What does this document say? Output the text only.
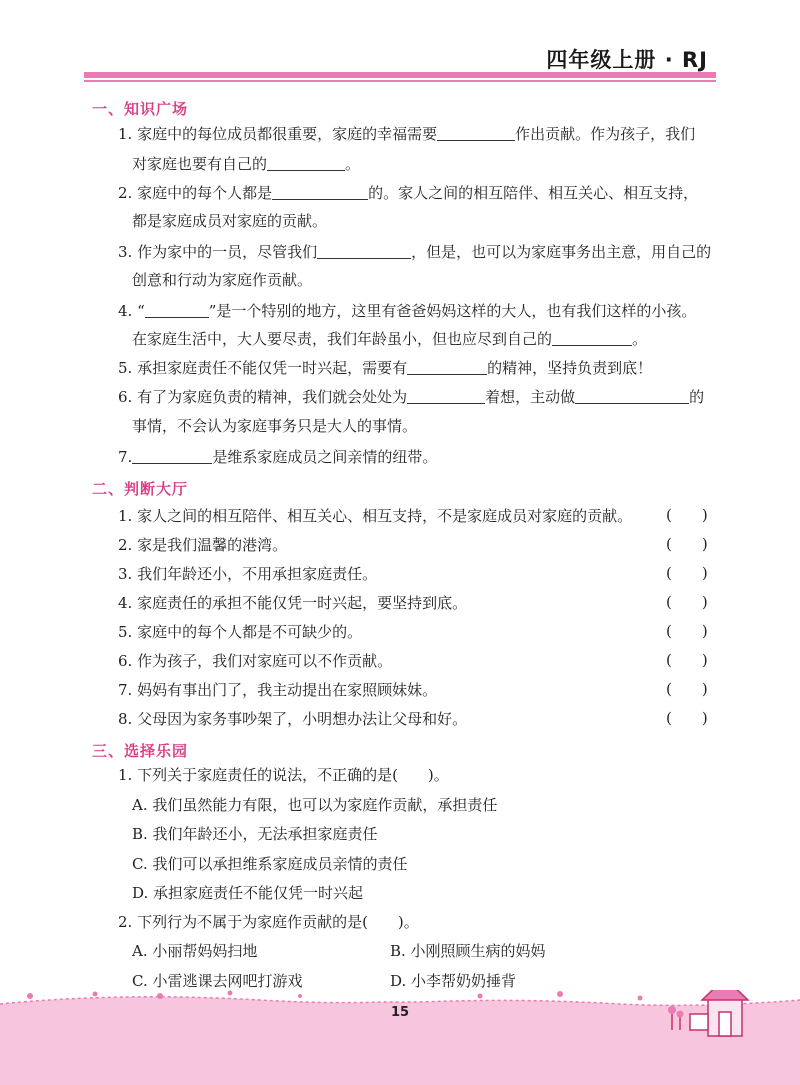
四年级上册 · RJ
一、知识广场
1. 家庭中的每位成员都很重要，家庭的幸福需要	作出贡献。作为孩子，我们
对家庭也要有自己的	。
2. 家庭中的每个人都是	的。家人之间的相互陪伴、相互关心、相互支持，
都是家庭成员对家庭的贡献。
3. 作为家中的一员，尽管我们	，但是，也可以为家庭事务出主意，用自己的
创意和行动为家庭作贡献。
4. “	”是一个特别的地方，这里有爸爸妈妈这样的大人，也有我们这样的小孩。
在家庭生活中，大人要尽责，我们年龄虽小，但也应尽到自己的	。
5. 承担家庭责任不能仅凭一时兴起，需要有	的精神，坚持负责到底！
6. 有了为家庭负责的精神，我们就会处处为	着想，主动做	的
事情，不会认为家庭事务只是大人的事情。
7.	是维系家庭成员之间亲情的纽带。
二、判断大厅
1. 家人之间的相互陪伴、相互关心、相互支持，不是家庭成员对家庭的贡献。 ( )
2. 家是我们温馨的港湾。	( )
3. 我们年龄还小，不用承担家庭责任。	( )
4. 家庭责任的承担不能仅凭一时兴起，要坚持到底。	( )
5. 家庭中的每个人都是不可缺少的。	( )
6. 作为孩子，我们对家庭可以不作贡献。	( )
7. 妈妈有事出门了，我主动提出在家照顾妹妹。	( )
8. 父母因为家务事吵架了，小明想办法让父母和好。	( )
三、选择乐园
1. 下列关于家庭责任的说法，不正确的是(　　)。
A. 我们虽然能力有限，也可以为家庭作贡献，承担责任
B. 我们年龄还小，无法承担家庭责任
C. 我们可以承担维系家庭成员亲情的责任
D. 承担家庭责任不能仅凭一时兴起
2. 下列行为不属于为家庭作贡献的是(　　)。
A. 小丽帮妈妈扫地	B. 小刚照顾生病的妈妈
C. 小雷逃课去网吧打游戏	D. 小李帮奶奶捶背
15
